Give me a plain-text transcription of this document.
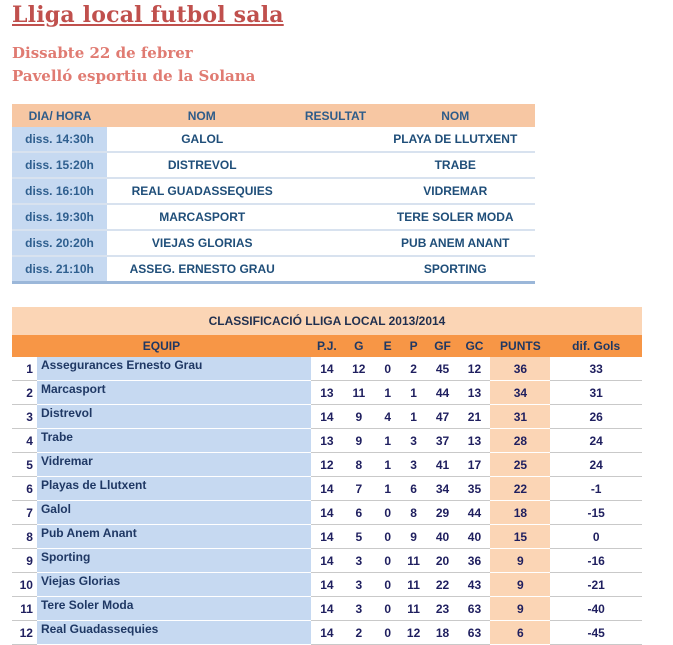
Lliga local futbol sala
Dissabte 22 de febrer
Pavelló esportiu de la Solana
DIA/ HORA	NOM	RESULTAT	NOM
diss. 14:30h	GALOL		PLAYA DE LLUTXENT
diss. 15:20h	DISTREVOL		TRABE
diss. 16:10h	REAL GUADASSEQUIES		VIDREMAR
diss. 19:30h	MARCASPORT		TERE SOLER MODA
diss. 20:20h	VIEJAS GLORIAS		PUB ANEM ANANT
diss. 21:10h	ASSEG. ERNESTO GRAU		SPORTING
CLASSIFICACIÓ LLIGA LOCAL 2013/2014									
EQUIP		P.J.	G	E	P	GF	GC	PUNTS	dif. Gols
1	Assegurances Ernesto Grau	14	12	0	2	45	12	36	33
2	Marcasport	13	11	1	1	44	13	34	31
3	Distrevol	14	9	4	1	47	21	31	26
4	Trabe	13	9	1	3	37	13	28	24
5	Vidremar	12	8	1	3	41	17	25	24
6	Playas de Llutxent	14	7	1	6	34	35	22	-1
7	Galol	14	6	0	8	29	44	18	-15
8	Pub Anem Anant	14	5	0	9	40	40	15	0
9	Sporting	14	3	0	11	20	36	9	-16
10	Viejas Glorias	14	3	0	11	22	43	9	-21
11	Tere Soler Moda	14	3	0	11	23	63	9	-40
12	Real Guadassequies	14	2	0	12	18	63	6	-45
